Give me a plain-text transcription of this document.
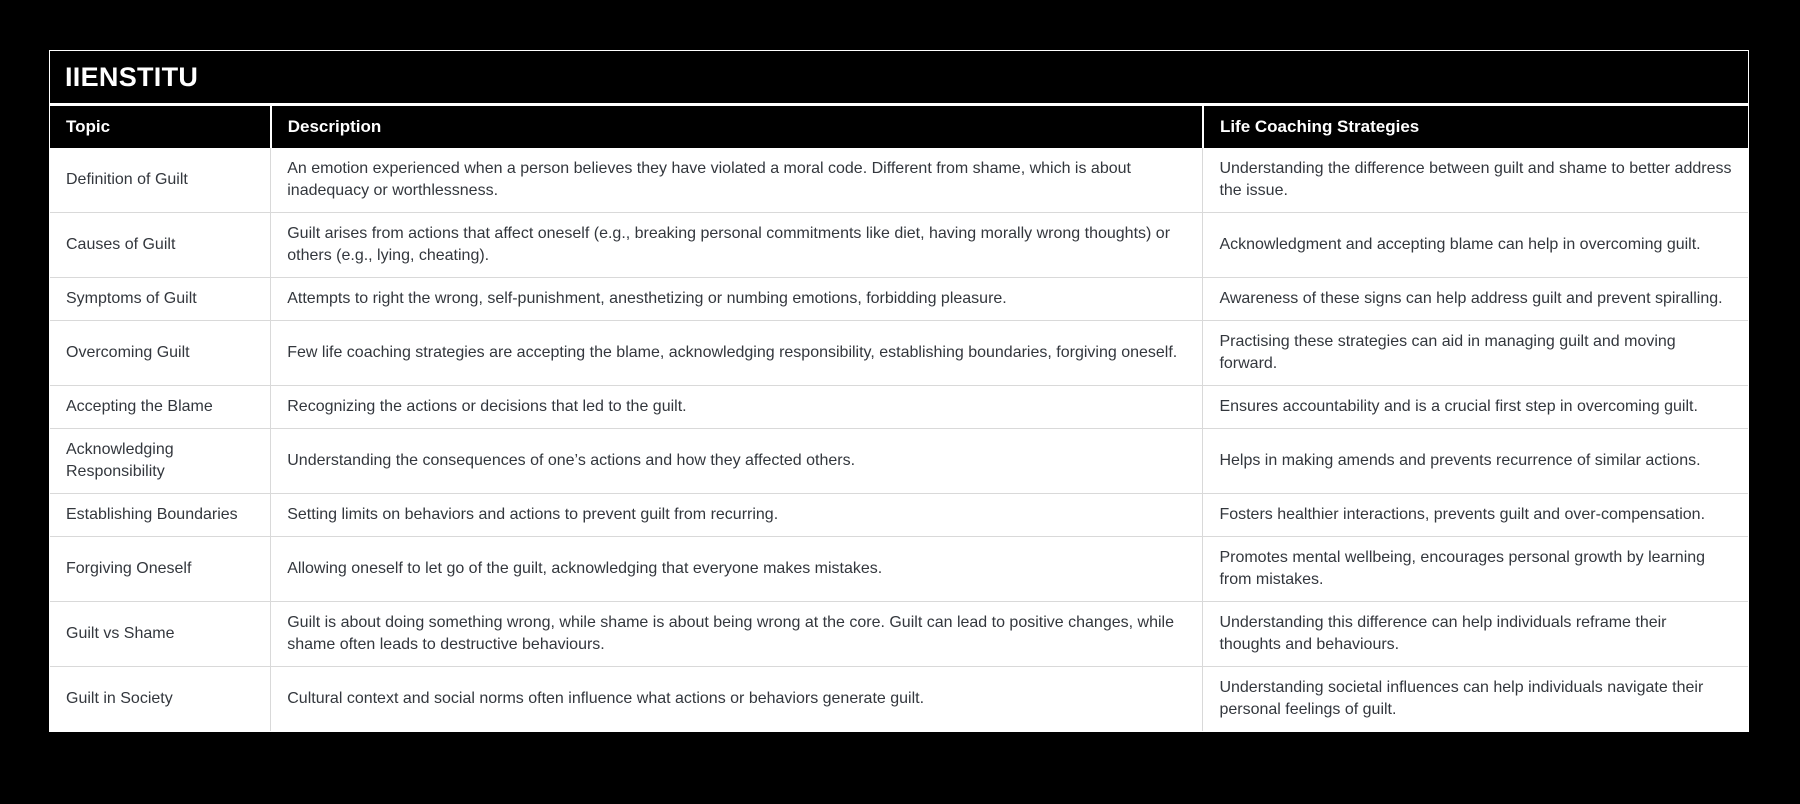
IIENSTITU
Topic	Description	Life Coaching Strategies
Definition of Guilt	An emotion experienced when a person believes they have violated a moral code. Different from shame, which is about inadequacy or worthlessness.	Understanding the difference between guilt and shame to better address the issue.
Causes of Guilt	Guilt arises from actions that affect oneself (e.g., breaking personal commitments like diet, having morally wrong thoughts) or others (e.g., lying, cheating).	Acknowledgment and accepting blame can help in overcoming guilt.
Symptoms of Guilt	Attempts to right the wrong, self-punishment, anesthetizing or numbing emotions, forbidding pleasure.	Awareness of these signs can help address guilt and prevent spiralling.
Overcoming Guilt	Few life coaching strategies are accepting the blame, acknowledging responsibility, establishing boundaries, forgiving oneself.	Practising these strategies can aid in managing guilt and moving forward.
Accepting the Blame	Recognizing the actions or decisions that led to the guilt.	Ensures accountability and is a crucial first step in overcoming guilt.
Acknowledging Responsibility	Understanding the consequences of one’s actions and how they affected others.	Helps in making amends and prevents recurrence of similar actions.
Establishing Boundaries	Setting limits on behaviors and actions to prevent guilt from recurring.	Fosters healthier interactions, prevents guilt and over-compensation.
Forgiving Oneself	Allowing oneself to let go of the guilt, acknowledging that everyone makes mistakes.	Promotes mental wellbeing, encourages personal growth by learning from mistakes.
Guilt vs Shame	Guilt is about doing something wrong, while shame is about being wrong at the core. Guilt can lead to positive changes, while shame often leads to destructive behaviours.	Understanding this difference can help individuals reframe their thoughts and behaviours.
Guilt in Society	Cultural context and social norms often influence what actions or behaviors generate guilt.	Understanding societal influences can help individuals navigate their personal feelings of guilt.
